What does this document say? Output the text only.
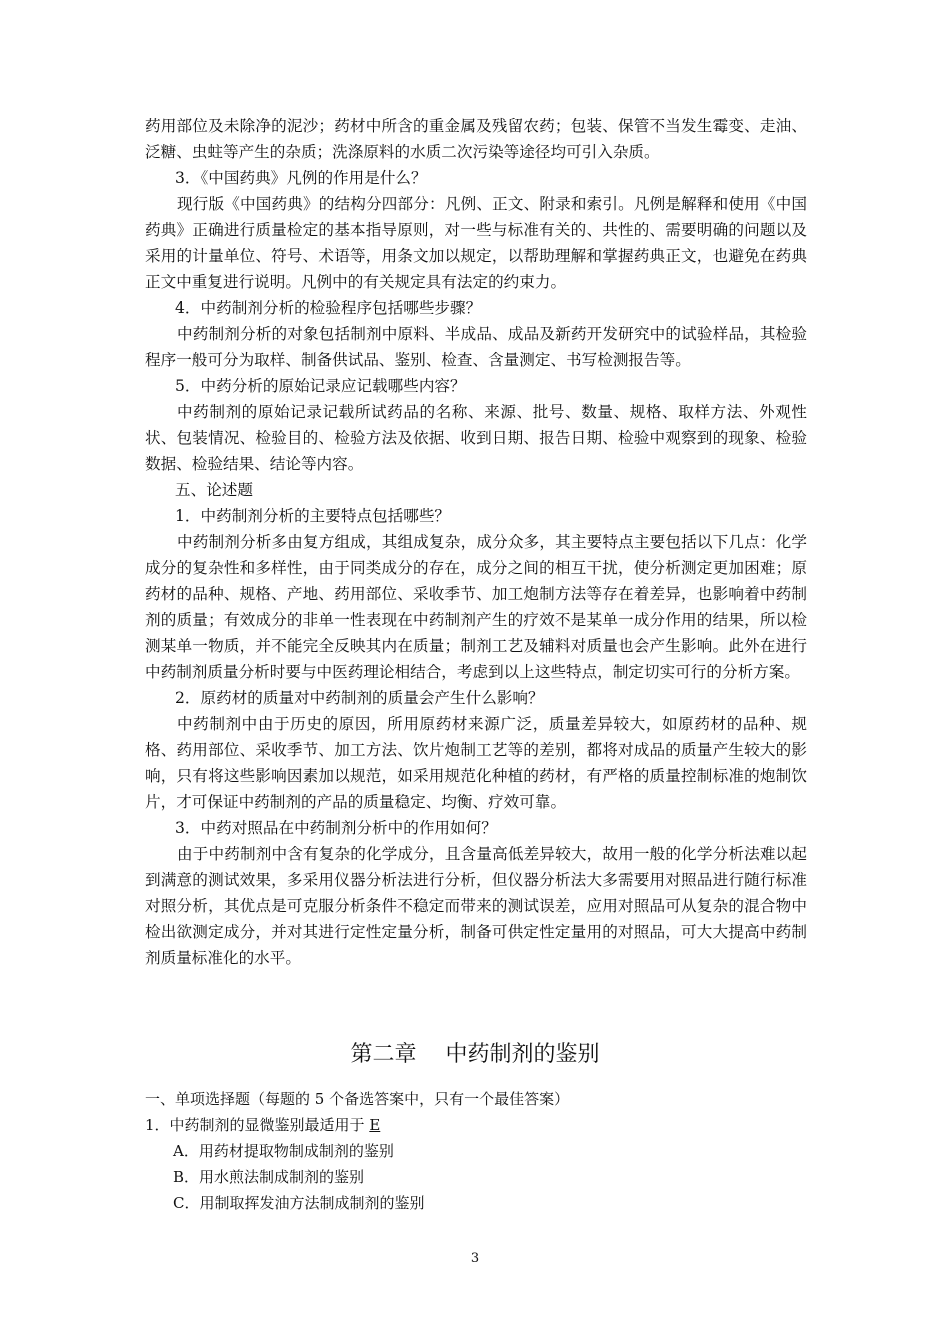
药用部位及未除净的泥沙；药材中所含的重金属及残留农药；包装、保管不当发生霉变、走油、泛糖、虫蛀等产生的杂质；洗涤原料的水质二次污染等途径均可引入杂质。

3．《中国药典》凡例的作用是什么？

现行版《中国药典》的结构分四部分：凡例、正文、附录和索引。凡例是解释和使用《中国药典》正确进行质量检定的基本指导原则，对一些与标准有关的、共性的、需要明确的问题以及采用的计量单位、符号、术语等，用条文加以规定，以帮助理解和掌握药典正文，也避免在药典正文中重复进行说明。凡例中的有关规定具有法定的约束力。

4．中药制剂分析的检验程序包括哪些步骤？

中药制剂分析的对象包括制剂中原料、半成品、成品及新药开发研究中的试验样品，其检验程序一般可分为取样、制备供试品、鉴别、检查、含量测定、书写检测报告等。

5．中药分析的原始记录应记载哪些内容？

中药制剂的原始记录记载所试药品的名称、来源、批号、数量、规格、取样方法、外观性状、包装情况、检验目的、检验方法及依据、收到日期、报告日期、检验中观察到的现象、检验数据、检验结果、结论等内容。

五、论述题

1．中药制剂分析的主要特点包括哪些？

中药制剂分析多由复方组成，其组成复杂，成分众多，其主要特点主要包括以下几点：化学成分的复杂性和多样性，由于同类成分的存在，成分之间的相互干扰，使分析测定更加困难；原药材的品种、规格、产地、药用部位、采收季节、加工炮制方法等存在着差异，也影响着中药制剂的质量；有效成分的非单一性表现在中药制剂产生的疗效不是某单一成分作用的结果，所以检测某单一物质，并不能完全反映其内在质量；制剂工艺及辅料对质量也会产生影响。此外在进行中药制剂质量分析时要与中医药理论相结合，考虑到以上这些特点，制定切实可行的分析方案。

2．原药材的质量对中药制剂的质量会产生什么影响？

中药制剂中由于历史的原因，所用原药材来源广泛，质量差异较大，如原药材的品种、规格、药用部位、采收季节、加工方法、饮片炮制工艺等的差别，都将对成品的质量产生较大的影响，只有将这些影响因素加以规范，如采用规范化种植的药材，有严格的质量控制标准的炮制饮片，才可保证中药制剂的产品的质量稳定、均衡、疗效可靠。

3．中药对照品在中药制剂分析中的作用如何？

由于中药制剂中含有复杂的化学成分，且含量高低差异较大，故用一般的化学分析法难以起到满意的测试效果，多采用仪器分析法进行分析，但仪器分析法大多需要用对照品进行随行标准对照分析，其优点是可克服分析条件不稳定而带来的测试误差，应用对照品可从复杂的混合物中检出欲测定成分，并对其进行定性定量分析，制备可供定性定量用的对照品，可大大提高中药制剂质量标准化的水平。

第二章　 中药制剂的鉴别

一、单项选择题（每题的 5 个备选答案中，只有一个最佳答案）

1．中药制剂的显微鉴别最适用于 E

A．用药材提取物制成制剂的鉴别

B．用水煎法制成制剂的鉴别

C．用制取挥发油方法制成制剂的鉴别

3
